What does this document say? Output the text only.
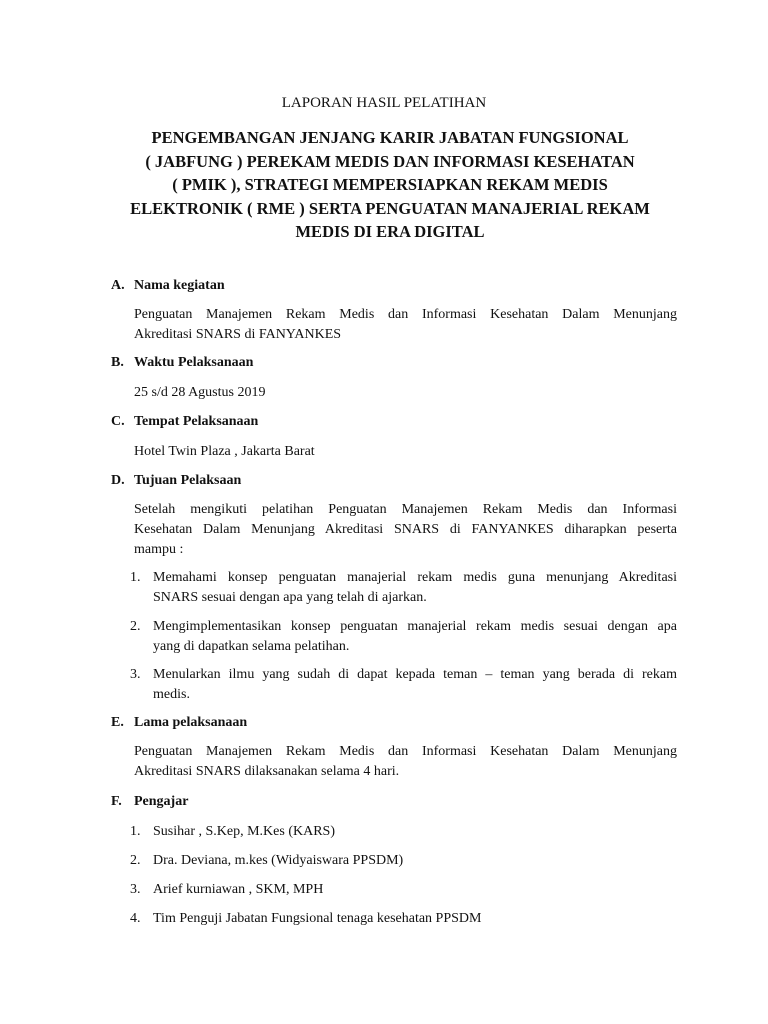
LAPORAN HASIL PELATIHAN
PENGEMBANGAN JENJANG KARIR JABATAN FUNGSIONAL
( JABFUNG ) PEREKAM MEDIS DAN INFORMASI KESEHATAN
( PMIK ), STRATEGI MEMPERSIAPKAN REKAM MEDIS
ELEKTRONIK ( RME ) SERTA PENGUATAN MANAJERIAL REKAM
MEDIS DI ERA DIGITAL
A. Nama kegiatan
Penguatan Manajemen Rekam Medis dan Informasi Kesehatan Dalam Menunjang
Akreditasi SNARS di FANYANKES
B. Waktu Pelaksanaan
25 s/d 28 Agustus 2019
C. Tempat Pelaksanaan
Hotel Twin Plaza , Jakarta Barat
D. Tujuan Pelaksaan
Setelah mengikuti pelatihan Penguatan Manajemen Rekam Medis dan Informasi
Kesehatan Dalam Menunjang Akreditasi SNARS di FANYANKES diharapkan peserta
mampu :
1. Memahami konsep penguatan manajerial rekam medis guna menunjang Akreditasi
SNARS sesuai dengan apa yang telah di ajarkan.
2. Mengimplementasikan konsep penguatan manajerial rekam medis sesuai dengan apa
yang di dapatkan selama pelatihan.
3. Menularkan ilmu yang sudah di dapat kepada teman – teman yang berada di rekam
medis.
E. Lama pelaksanaan
Penguatan Manajemen Rekam Medis dan Informasi Kesehatan Dalam Menunjang
Akreditasi SNARS dilaksanakan selama 4 hari.
F. Pengajar
1. Susihar , S.Kep, M.Kes (KARS)
2. Dra. Deviana, m.kes (Widyaiswara PPSDM)
3. Arief kurniawan , SKM, MPH
4. Tim Penguji Jabatan Fungsional tenaga kesehatan PPSDM
